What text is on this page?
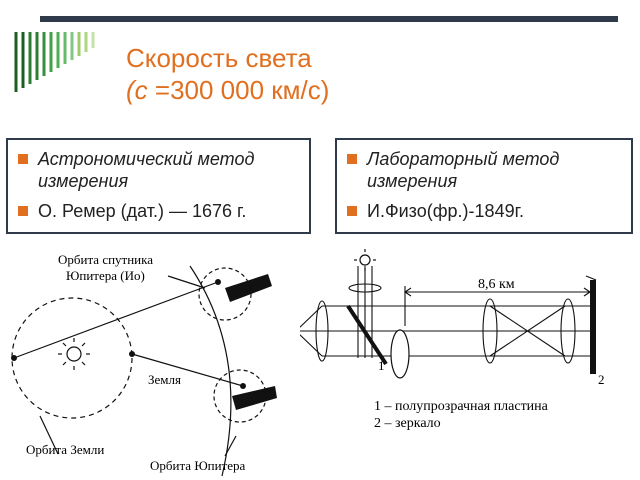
Скорость света
(с =300 000 км/с)
Астрономический метод измерения
О. Ремер (дат.) — 1676 г.
Лабораторный метод измерения
И.Физо(фр.)-1849г.
Орбита спутника
Юпитера (Ио)
Земля
Орбита Земли
Орбита Юпитера
8,6 км
1
2
1 – полупрозрачная пластина
2 – зеркало
